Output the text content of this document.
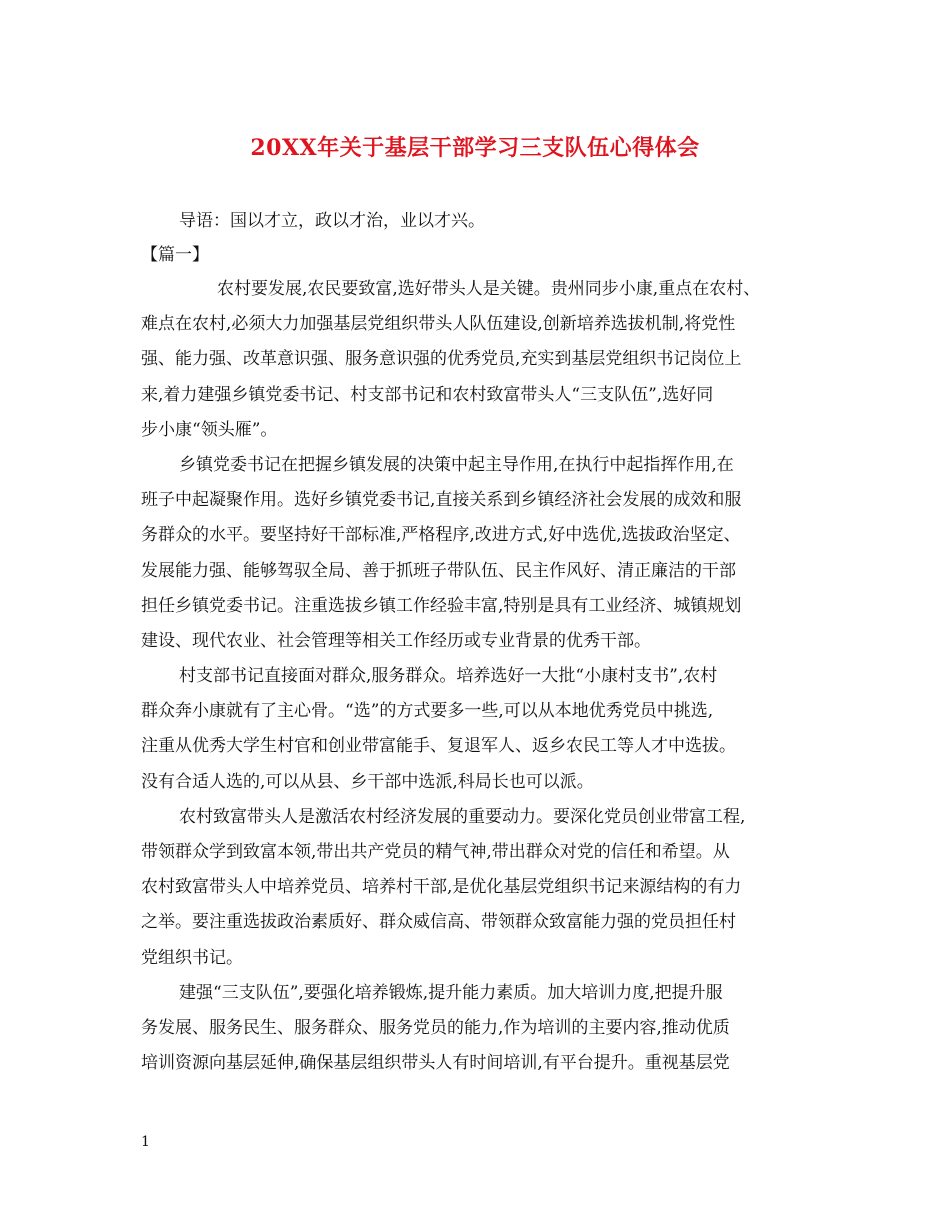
20XX年关于基层干部学习三支队伍心得体会
导语：国以才立，政以才治，业以才兴。
【篇一】
农村要发展,农民要致富,选好带头人是关键。贵州同步小康,重点在农村、
难点在农村,必须大力加强基层党组织带头人队伍建设,创新培养选拔机制,将党性
强、能力强、改革意识强、服务意识强的优秀党员,充实到基层党组织书记岗位上
来,着力建强乡镇党委书记、村支部书记和农村致富带头人“三支队伍”,选好同
步小康“领头雁”。
乡镇党委书记在把握乡镇发展的决策中起主导作用,在执行中起指挥作用,在
班子中起凝聚作用。选好乡镇党委书记,直接关系到乡镇经济社会发展的成效和服
务群众的水平。要坚持好干部标准,严格程序,改进方式,好中选优,选拔政治坚定、
发展能力强、能够驾驭全局、善于抓班子带队伍、民主作风好、清正廉洁的干部
担任乡镇党委书记。注重选拔乡镇工作经验丰富,特别是具有工业经济、城镇规划
建设、现代农业、社会管理等相关工作经历或专业背景的优秀干部。
村支部书记直接面对群众,服务群众。培养选好一大批“小康村支书”,农村
群众奔小康就有了主心骨。“选”的方式要多一些,可以从本地优秀党员中挑选,
注重从优秀大学生村官和创业带富能手、复退军人、返乡农民工等人才中选拔。
没有合适人选的,可以从县、乡干部中选派,科局长也可以派。
农村致富带头人是激活农村经济发展的重要动力。要深化党员创业带富工程,
带领群众学到致富本领,带出共产党员的精气神,带出群众对党的信任和希望。从
农村致富带头人中培养党员、培养村干部,是优化基层党组织书记来源结构的有力
之举。要注重选拔政治素质好、群众威信高、带领群众致富能力强的党员担任村
党组织书记。
建强“三支队伍”,要强化培养锻炼,提升能力素质。加大培训力度,把提升服
务发展、服务民生、服务群众、服务党员的能力,作为培训的主要内容,推动优质
培训资源向基层延伸,确保基层组织带头人有时间培训,有平台提升。重视基层党
1
